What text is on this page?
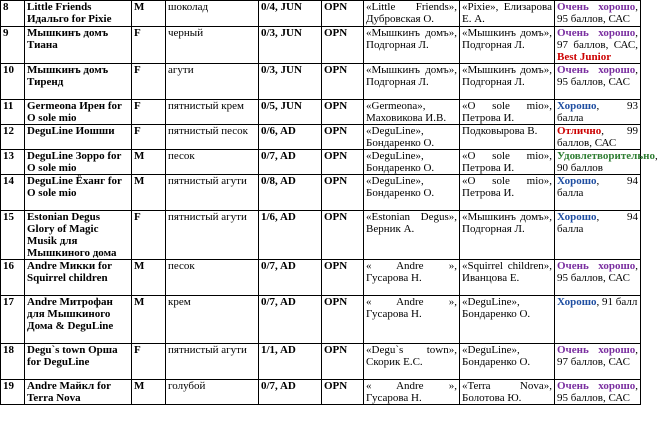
8	Little Friends Идальго for Pixie	M	шоколад	0/4, JUN	OPN	«Little Friends», Дубровская О.	«Pixie», Елизарова Е. А.	Очень хорошо, 95 баллов, САС
9	Мышкинъ домъ Тиана	F	черный	0/3, JUN	OPN	«Мышкинъ домъ», Подгорная Л.	«Мышкинъ домъ», Подгорная Л.	Очень хорошо, 97 баллов, САС, Best Junior
10	Мышкинъ домъ Тиренд	F	агути	0/3, JUN	OPN	«Мышкинъ домъ», Подгорная Л.	«Мышкинъ домъ», Подгорная Л.	Очень хорошо, 95 баллов, САС
11	Germeona Ирен for O sole mio	F	пятнистый крем	0/5, JUN	OPN	«Germeona», Маховикова И.В.	«O sole mio», Петрова И.	Хорошо, 93 балла
12	DeguLine Иошши	F	пятнистый песок	0/6, AD	OPN	«DeguLine», Бондаренко О.	Подковырова В.	Отлично, 99 баллов, САС
13	DeguLine Зорро for O sole mio	M	песок	0/7, AD	OPN	«DeguLine», Бондаренко О.	«O sole mio», Петрова И.	Удовлетворительно, 90 баллов
14	DeguLine Ёханг for O sole mio	M	пятнистый агути	0/8, AD	OPN	«DeguLine», Бондаренко О.	«O sole mio», Петрова И.	Хорошо, 94 балла
15	Estonian Degus Glory of Magic Musik для Мышкиного дома	F	пятнистый агути	1/6, AD	OPN	«Estonian Degus», Верник А.	«Мышкинъ домъ», Подгорная Л.	Хорошо, 94 балла
16	Andre Микки for Squirrel children	M	песок	0/7, AD	OPN	« Andre », Гусарова Н.	«Squirrel children», Иванцова Е.	Очень хорошо, 95 баллов, САС
17	Andre Митрофан для Мышкиного Дома & DeguLine	M	крем	0/7, AD	OPN	« Andre », Гусарова Н.	«DeguLine», Бондаренко О.	Хорошо, 91 балл
18	Degu`s town Орша for DeguLine	F	пятнистый агути	1/1, AD	OPN	«Degu`s town», Скорик Е.С.	«DeguLine», Бондаренко О.	Очень хорошо, 97 баллов, САС
19	Andre Майкл for Terra Nova	M	голубой	0/7, AD	OPN	« Andre », Гусарова Н.	«Terra Nova», Болотова Ю.	Очень хорошо, 95 баллов, САС
